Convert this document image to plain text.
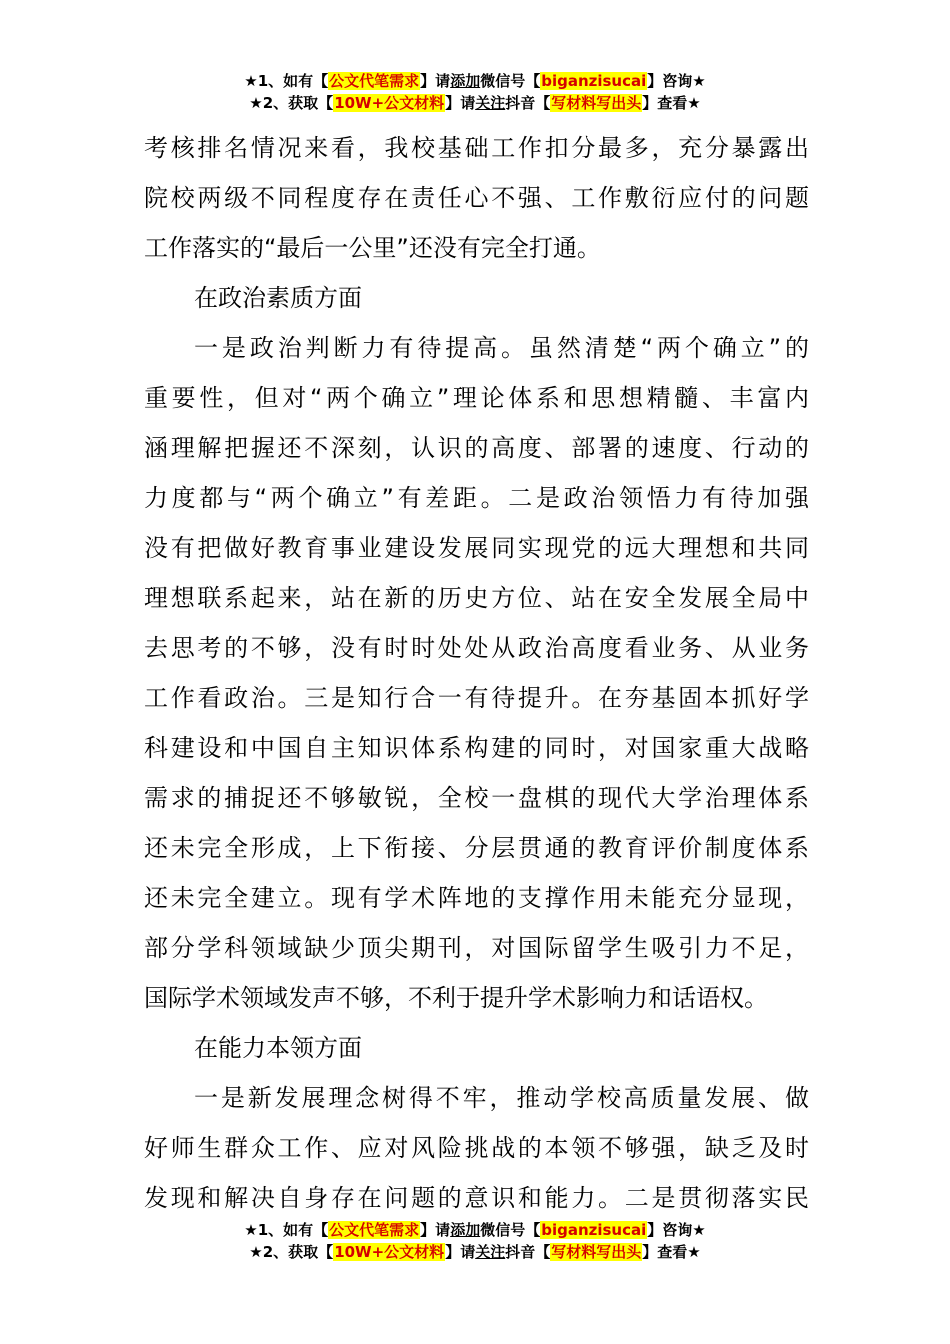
★1、如有【公文代笔需求】请添加微信号【biganzisucai】咨询★
★2、获取【10W+公文材料】请关注抖音【写材料写出头】查看★
考核排名情况来看，我校基础工作扣分最多，充分暴露出
院校两级不同程度存在责任心不强、工作敷衍应付的问题
工作落实的“最后一公里”还没有完全打通。
在政治素质方面
一是政治判断力有待提高。虽然清楚“两个确立”的
重要性，但对“两个确立”理论体系和思想精髓、丰富内
涵理解把握还不深刻，认识的高度、部署的速度、行动的
力度都与“两个确立”有差距。二是政治领悟力有待加强
没有把做好教育事业建设发展同实现党的远大理想和共同
理想联系起来，站在新的历史方位、站在安全发展全局中
去思考的不够，没有时时处处从政治高度看业务、从业务
工作看政治。三是知行合一有待提升。在夯基固本抓好学
科建设和中国自主知识体系构建的同时，对国家重大战略
需求的捕捉还不够敏锐，全校一盘棋的现代大学治理体系
还未完全形成，上下衔接、分层贯通的教育评价制度体系
还未完全建立。现有学术阵地的支撑作用未能充分显现，
部分学科领域缺少顶尖期刊，对国际留学生吸引力不足，
国际学术领域发声不够，不利于提升学术影响力和话语权。
在能力本领方面
一是新发展理念树得不牢，推动学校高质量发展、做
好师生群众工作、应对风险挑战的本领不够强，缺乏及时
发现和解决自身存在问题的意识和能力。二是贯彻落实民
★1、如有【公文代笔需求】请添加微信号【biganzisucai】咨询★
★2、获取【10W+公文材料】请关注抖音【写材料写出头】查看★
